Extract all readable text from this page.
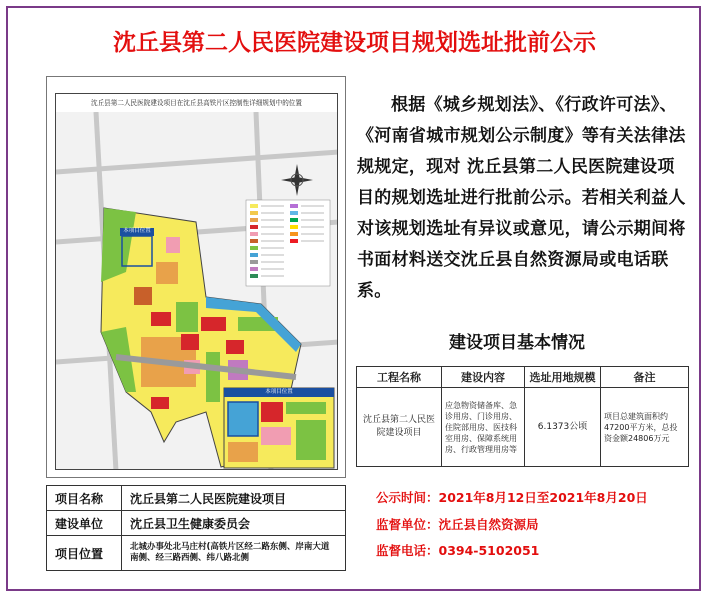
沈丘县第二人民医院建设项目规划选址批前公示
沈丘县第二人民医院建设项目在沈丘县高铁片区控制性详细规划中的位置
本项目位置
本项目位置
根据《城乡规划法》、《行政许可法》、《河南省城市规划公示制度》等有关法律法规规定，现对 沈丘县第二人民医院建设项目的规划选址进行批前公示。若相关利益人对该规划选址有异议或意见，请公示期间将书面材料送交沈丘县自然资源局或电话联系。
建设项目基本情况
工程名称	建设内容	选址用地规模	备注
沈丘县第二人民医院建设项目	应急物资储备库、急诊用房、门诊用房、住院部用房、医技科室用房、保障系统用房、行政管理用房等	6.1373公顷	项目总建筑面积约47200平方米，总投资金额24806万元
项目名称	沈丘县第二人民医院建设项目
建设单位	沈丘县卫生健康委员会
项目位置	北城办事处北马庄村(高铁片区经二路东侧、岸南大道南侧、经三路西侧、纬八路北侧
公示时间：2021年8月12日至2021年8月20日
监督单位：沈丘县自然资源局
监督电话：0394-5102051
